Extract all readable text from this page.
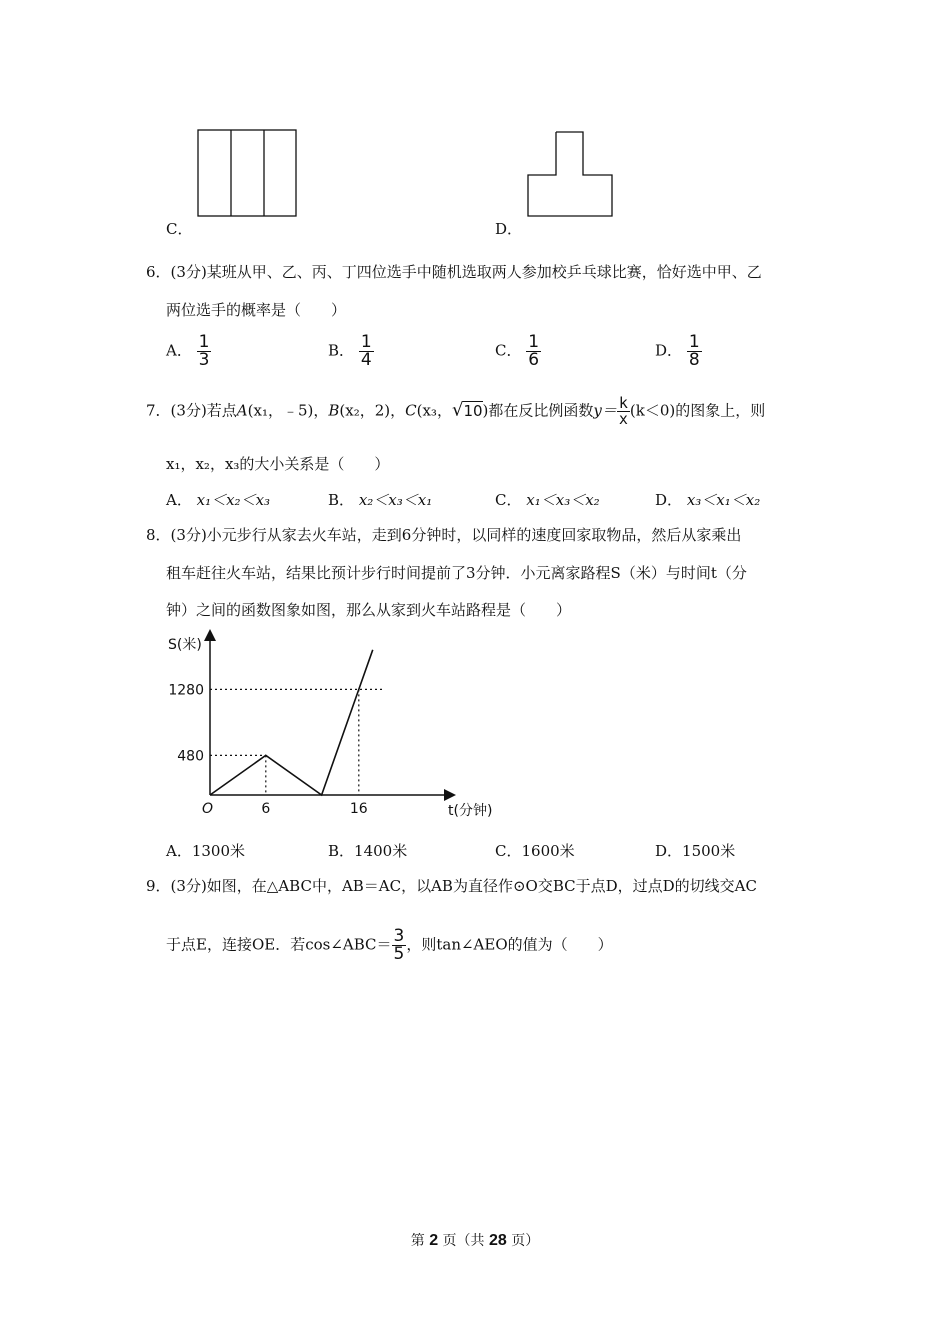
C．	D．
6．(3分)某班从甲、乙、丙、丁四位选手中随机选取两人参加校乒乓球比赛，恰好选中甲、乙
两位选手的概率是（　　）
A． $\frac{1}{3}$	B． $\frac{1}{4}$	C． $\frac{1}{6}$	D． $\frac{1}{8}$
7．(3分)若点A(x₁，﹣5)，B(x₂，2)，C(x₃，√10)都在反比例函数$y= \frac{k}{x} (k<0)$的图象上，则
x₁，x₂，x₃的大小关系是（　　）
A． x₁＜x₂＜x₃	B． x₂＜x₃＜x₁	C． x₁＜x₃＜x₂	D． x₃＜x₁＜x₂
8．(3分)小元步行从家去火车站，走到6分钟时，以同样的速度回家取物品，然后从家乘出
租车赶往火车站，结果比预计步行时间提前了3分钟．小元离家路程S（米）与时间t（分
钟）之间的函数图象如图，那么从家到火车站路程是（　　）
O	6	16
480
1280
S(米)
t(分钟)
A．1300米	B．1400米	C．1600米	D．1500米
9．(3分)如图，在△ABC中，AB＝AC，以AB为直径作⊙O交BC于点D，过点D的切线交AC
于点E，连接OE．若cos∠ABC＝ $\frac{3}{5}$ ，则tan∠AEO的值为（　　）
第 2 页（共 28 页）
